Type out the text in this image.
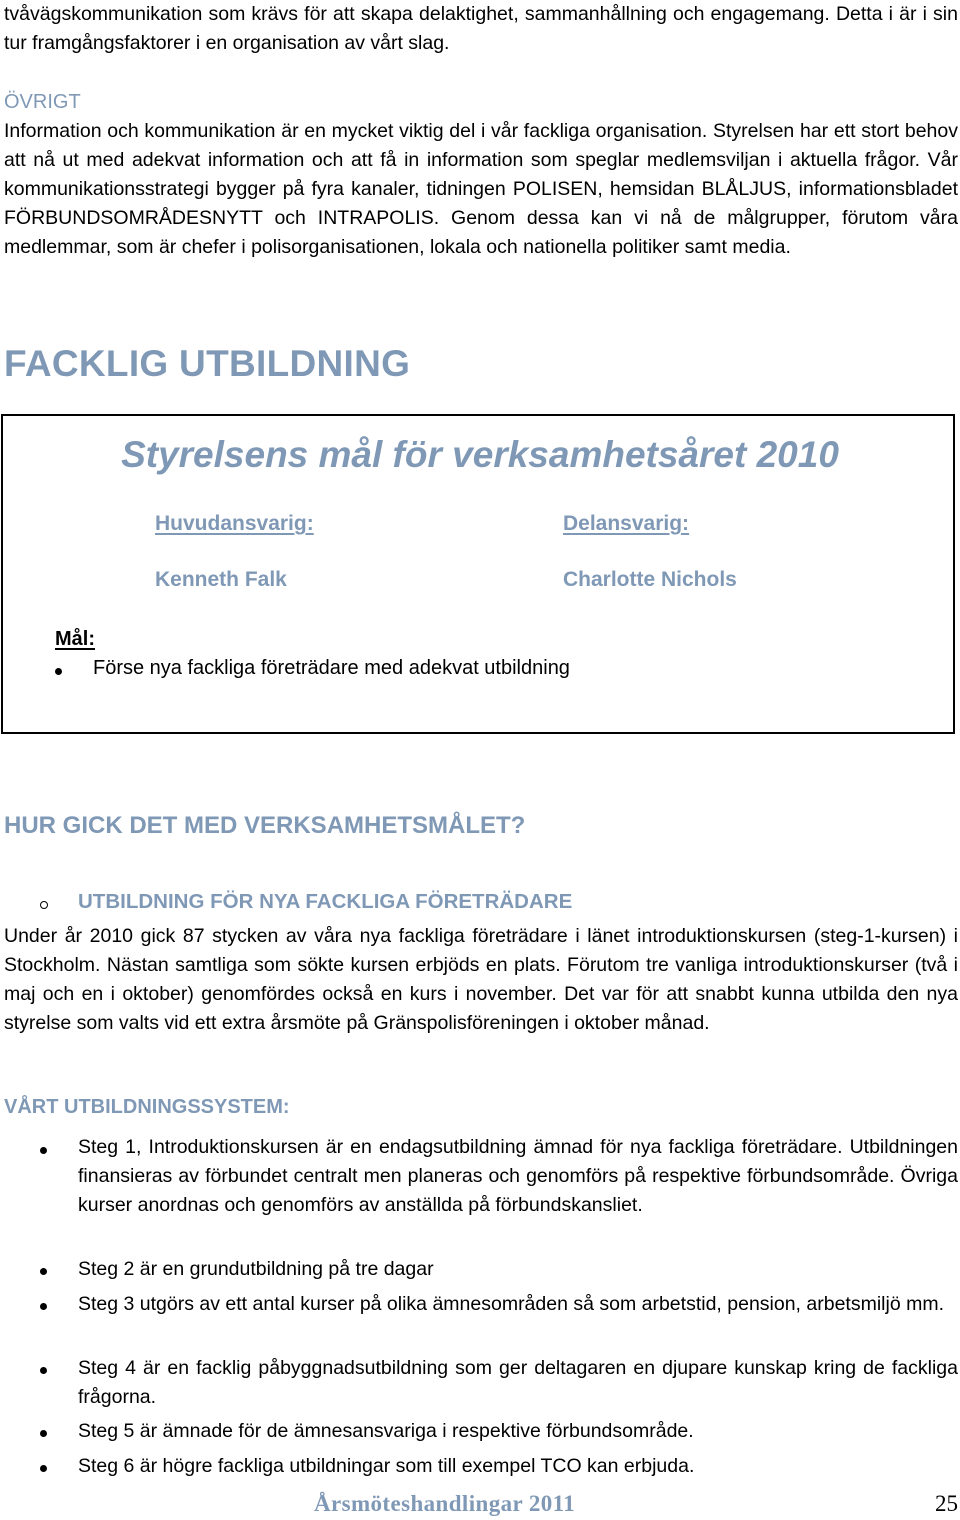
tvåvägskommunikation som krävs för att skapa delaktighet, sammanhållning och engagemang. Detta i är i sin tur framgångsfaktorer i en organisation av vårt slag.

ÖVRIGT

Information och kommunikation är en mycket viktig del i vår fackliga organisation. Styrelsen har ett stort behov att nå ut med adekvat information och att få in information som speglar medlemsviljan i aktuella frågor. Vår kommunikationsstrategi bygger på fyra kanaler, tidningen POLISEN, hemsidan BLÅLJUS, informationsbladet FÖRBUNDSOMRÅDESNYTT och INTRAPOLIS. Genom dessa kan vi nå de målgrupper, förutom våra medlemmar, som är chefer i polisorganisationen, lokala och nationella politiker samt media.

FACKLIG UTBILDNING
Styrelsens mål för verksamhetsåret 2010
Huvudansvarig:	Delansvarig:
Kenneth Falk	Charlotte Nichols
Mål:
Förse nya fackliga företrädare med adekvat utbildning
HUR GICK DET MED VERKSAMHETSMÅLET?
UTBILDNING FÖR NYA FACKLIGA FÖRETRÄDARE

Under år 2010 gick 87 stycken av våra nya fackliga företrädare i länet introduktionskursen (steg-1-kursen) i Stockholm. Nästan samtliga som sökte kursen erbjöds en plats. Förutom tre vanliga introduktionskurser (två i maj och en i oktober) genomfördes också en kurs i november. Det var för att snabbt kunna utbilda den nya styrelse som valts vid ett extra årsmöte på Gränspolisföreningen i oktober månad.

VÅRT UTBILDNINGSSYSTEM:

Steg 1, Introduktionskursen är en endagsutbildning ämnad för nya fackliga företrädare. Utbildningen finansieras av förbundet centralt men planeras och genomförs på respektive förbundsområde. Övriga kurser anordnas och genomförs av anställda på förbundskansliet.

Steg 2 är en grundutbildning på tre dagar

Steg 3 utgörs av ett antal kurser på olika ämnesområden så som arbetstid, pension, arbetsmiljö mm.

Steg 4 är en facklig påbyggnadsutbildning som ger deltagaren en djupare kunskap kring de fackliga frågorna.

Steg 5 är ämnade för de ämnesansvariga i respektive förbundsområde.

Steg 6 är högre fackliga utbildningar som till exempel TCO kan erbjuda.

Årsmöteshandlingar 2011	25
